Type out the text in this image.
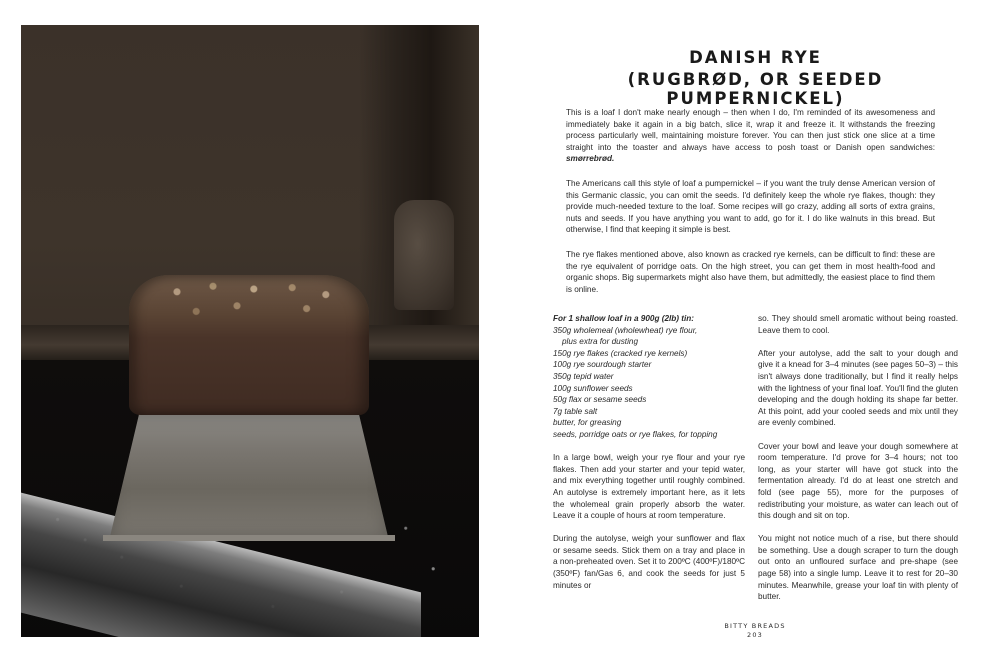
DANISH RYE
(RUGBRØD, OR SEEDED PUMPERNICKEL)

This is a loaf I don't make nearly enough – then when I do, I'm reminded of its awesomeness and immediately bake it again in a big batch, slice it, wrap it and freeze it. It withstands the freezing process particularly well, maintaining moisture forever. You can then just stick one slice at a time straight into the toaster and always have access to posh toast or Danish open sandwiches: smørrebrød.

The Americans call this style of loaf a pumpernickel – if you want the truly dense American version of this Germanic classic, you can omit the seeds. I'd definitely keep the whole rye flakes, though: they provide much-needed texture to the loaf. Some recipes will go crazy, adding all sorts of extra grains, nuts and seeds. If you have anything you want to add, go for it. I do like walnuts in this bread. But otherwise, I find that keeping it simple is best.

The rye flakes mentioned above, also known as cracked rye kernels, can be difficult to find: these are the rye equivalent of porridge oats. On the high street, you can get them in most health-food and organic shops. Big supermarkets might also have them, but admittedly, the easiest place to find them is online.

For 1 shallow loaf in a 900g (2lb) tin:
350g wholemeal (wholewheat) rye flour,
plus extra for dusting
150g rye flakes (cracked rye kernels)
100g rye sourdough starter
350g tepid water
100g sunflower seeds
50g flax or sesame seeds
7g table salt
butter, for greasing
seeds, porridge oats or rye flakes, for topping

In a large bowl, weigh your rye flour and your rye flakes. Then add your starter and your tepid water, and mix everything together until roughly combined. An autolyse is extremely important here, as it lets the wholemeal grain properly absorb the water. Leave it a couple of hours at room temperature.

During the autolyse, weigh your sunflower and flax or sesame seeds. Stick them on a tray and place in a non-preheated oven. Set it to 200ºC (400ºF)/180ºC (350ºF) fan/Gas 6, and cook the seeds for just 5 minutes or

so. They should smell aromatic without being roasted. Leave them to cool.

After your autolyse, add the salt to your dough and give it a knead for 3–4 minutes (see pages 50–3) – this isn't always done traditionally, but I find it really helps with the lightness of your final loaf. You'll find the gluten developing and the dough holding its shape far better. At this point, add your cooled seeds and mix until they are evenly combined.

Cover your bowl and leave your dough somewhere at room temperature. I'd prove for 3–4 hours; not too long, as your starter will have got stuck into the fermentation already. I'd do at least one stretch and fold (see page 55), more for the purposes of redistributing your moisture, as water can leach out of this dough and sit on top.

You might not notice much of a rise, but there should be something. Use a dough scraper to turn the dough out onto an unfloured surface and pre-shape (see page 58) into a single lump. Leave it to rest for 20–30 minutes. Meanwhile, grease your loaf tin with plenty of butter.

BITTY BREADS
203
